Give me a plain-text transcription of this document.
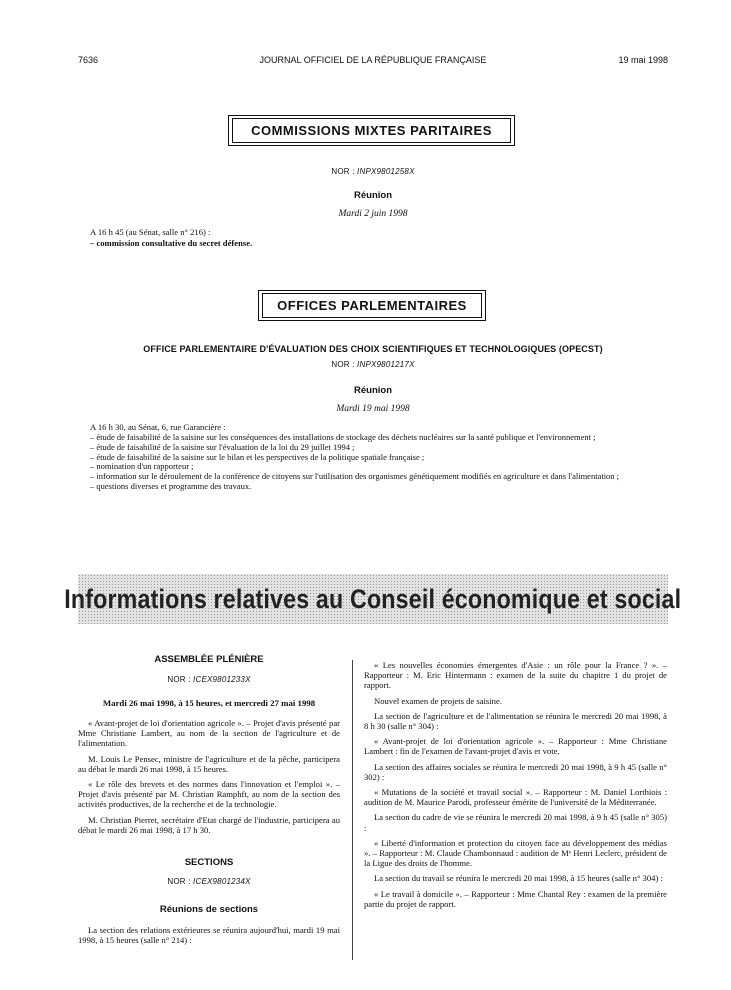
7636	JOURNAL OFFICIEL DE LA RÉPUBLIQUE FRANÇAISE	19 mai 1998
COMMISSIONS MIXTES PARITAIRES
NOR : INPX9801258X
Réunion
Mardi 2 juin 1998
A 16 h 45 (au Sénat, salle n° 216) :
– commission consultative du secret défense.
OFFICES PARLEMENTAIRES
OFFICE PARLEMENTAIRE D'ÉVALUATION DES CHOIX SCIENTIFIQUES ET TECHNOLOGIQUES (OPECST)
NOR : INPX9801217X
Réunion
Mardi 19 mai 1998
A 16 h 30, au Sénat, 6, rue Garancière :
– étude de faisabilité de la saisine sur les conséquences des installations de stockage des déchets nucléaires sur la santé publique et l'environnement ;
– étude de faisabilité de la saisine sur l'évaluation de la loi du 29 juillet 1994 ;
– étude de faisabilité de la saisine sur le bilan et les perspectives de la politique spatiale française ;
– nomination d'un rapporteur ;
– information sur le déroulement de la conférence de citoyens sur l'utilisation des organismes génétiquement modifiés en agriculture et dans l'alimentation ;
– questions diverses et programme des travaux.
Informations relatives au Conseil économique et social
ASSEMBLÉE PLÉNIÈRE
NOR : ICEX9801233X
Mardi 26 mai 1998, à 15 heures, et mercredi 27 mai 1998

« Avant-projet de loi d'orientation agricole ». – Projet d'avis présenté par Mme Christiane Lambert, au nom de la section de l'agriculture et de l'alimentation.

M. Louis Le Pensec, ministre de l'agriculture et de la pêche, participera au débat le mardi 26 mai 1998, à 15 heures.

« Le rôle des brevets et des normes dans l'innovation et l'emploi ». – Projet d'avis présenté par M. Christian Ramphft, au nom de la section des activités productives, de la recherche et de la technologie.

M. Christian Pierret, secrétaire d'Etat chargé de l'industrie, participera au débat le mardi 26 mai 1998, à 17 h 30.

SECTIONS
NOR : ICEX9801234X
Réunions de sections

La section des relations extérieures se réunira aujourd'hui, mardi 19 mai 1998, à 15 heures (salle n° 214) :

« Les nouvelles économies émergentes d'Asie : un rôle pour la France ? ». – Rapporteur : M. Eric Hintermann : examen de la suite du chapitre 1 du projet de rapport.

Nouvel examen de projets de saisine.

La section de l'agriculture et de l'alimentation se réunira le mercredi 20 mai 1998, à 8 h 30 (salle n° 304) :

« Avant-projet de loi d'orientation agricole ». – Rapporteur : Mme Christiane Lambert : fin de l'examen de l'avant-projet d'avis et vote.

La section des affaires sociales se réunira le mercredi 20 mai 1998, à 9 h 45 (salle n° 302) :

« Mutations de la société et travail social ». – Rapporteur : M. Daniel Lorthiois : audition de M. Maurice Parodi, professeur émérite de l'université de la Méditerranée.

La section du cadre de vie se réunira le mercredi 20 mai 1998, à 9 h 45 (salle n° 305) :

« Liberté d'information et protection du citoyen face au développement des médias ». – Rapporteur : M. Claude Chambonnaud : audition de Mᵉ Henri Leclerc, président de la Ligue des droits de l'homme.

La section du travail se réunira le mercredi 20 mai 1998, à 15 heures (salle n° 304) :

« Le travail à domicile ». – Rapporteur : Mme Chantal Rey : examen de la première partie du projet de rapport.
